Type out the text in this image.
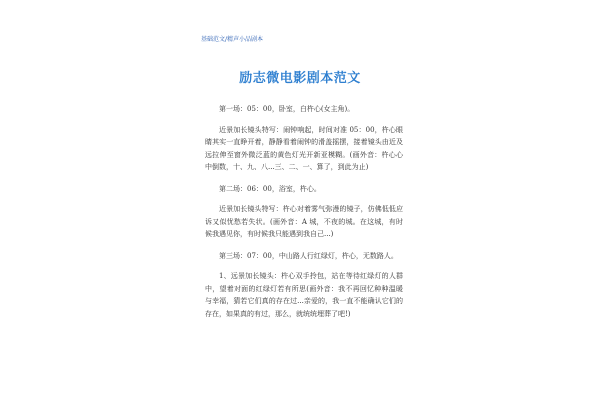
基础范文/精声小品剧本
励志微电影剧本范文

第一场：05：00，卧室，白杵心(女主角)。

近景加长镜头特写：闹钟响起，时间对准 05：00，杵心眼睛其实一直睁开着，静静看着闹钟的滑盖摇摆，接着镜头由近及远拉伸至窗外微泛蓝的黄色灯光开新亚模糊。(画外音：杵心心中倒数，十、九、八...三、二、一、算了，到此为止)

第二场：06：00，浴室，杵心。

近景加长镜头特写：杵心对着雾气弥漫的镜子，仿佛低低应诉又似忧愁若失状。(画外音：A 城，不夜的城。在这城，有时候我遇见你，有时候我只能遇到我自己...)

第三场：07：00，中山路人行红绿灯，杵心，无数路人。

1、远景加长镜头：杵心双手拎包，站在等待红绿灯的人群中，望着对面的红绿灯若有所思(画外音：我不再回忆种种温暖与幸福，猜若它们真的存在过...亲爱的，我一直不能确认它们的存在，如果真的有过，那么，就统统埋葬了吧!)
